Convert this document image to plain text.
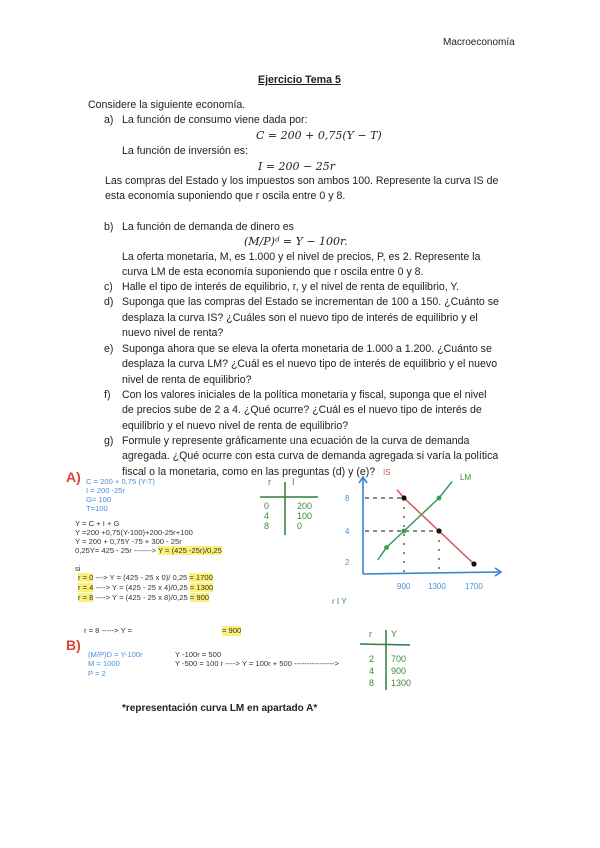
Macroeconomía
Ejercicio Tema 5
Considere la siguiente economía.
a) La función de consumo viene dada por:
C = 200 + 0,75(Y − T)
La función de inversión es:
I = 200 − 25r
Las compras del Estado y los impuestos son ambos 100. Represente la curva IS de
esta economía suponiendo que r oscila entre 0 y 8.
b) La función de demanda de dinero es
(M/P)ᵈ = Y − 100r.
La oferta monetaria, M, es 1.000 y el nivel de precios, P, es 2. Represente la
curva LM de esta economía suponiendo que r oscila entre 0 y 8.
c) Halle el tipo de interés de equilibrio, r, y el nivel de renta de equilibrio, Y.
d) Suponga que las compras del Estado se incrementan de 100 a 150. ¿Cuánto se
desplaza la curva IS? ¿Cuáles son el nuevo tipo de interés de equilibrio y el
nuevo nivel de renta?
e) Suponga ahora que se eleva la oferta monetaria de 1.000 a 1.200. ¿Cuánto se
desplaza la curva LM? ¿Cuál es el nuevo tipo de interés de equilibrio y el nuevo
nivel de renta de equilibrio?
f) Con los valores iniciales de la política monetaria y fiscal, suponga que el nivel
de precios sube de 2 a 4. ¿Qué ocurre? ¿Cuál es el nuevo tipo de interés de
equilibrio y el nuevo nivel de renta de equilibrio?
g) Formule y represente gráficamente una ecuación de la curva de demanda
agregada. ¿Qué ocurre con esta curva de demanda agregada si varía la política
fiscal o la monetaria, como en las preguntas (d) y (e)?
A) C = 200 + 0,75 (Y-T)
I = 200 -25r
G= 100
T=100
Y = C + I + G
Y =200 +0,75(Y-100)+200-25r+100
Y = 200 + 0,75Y -75 + 300 - 25r
0,25Y= 425 - 25r -------> Y = (425 -25r)/0,25
si
r = 0 ---> Y = (425 - 25 x 0)/ 0,25 = 1700
r = 4 ----> Y = (425 - 25 x 4)/0,25 = 1300
r = 8 ----> Y = (425 - 25 x 8)/0,25 = 900
r = 8 -----> Y =	= 900
r I
0	200
4	100
8	0
B)
(M/P)D = Y-100r
M = 1000
P = 2
Y -100r = 500
Y -500 = 100 r ----> Y = 100r + 500 ---------------->
r Y
2 700
4 900
8 1300
*representación curva LM en apartado A*
IS
LM
8
4
2
900 1300 1700
r I Y
